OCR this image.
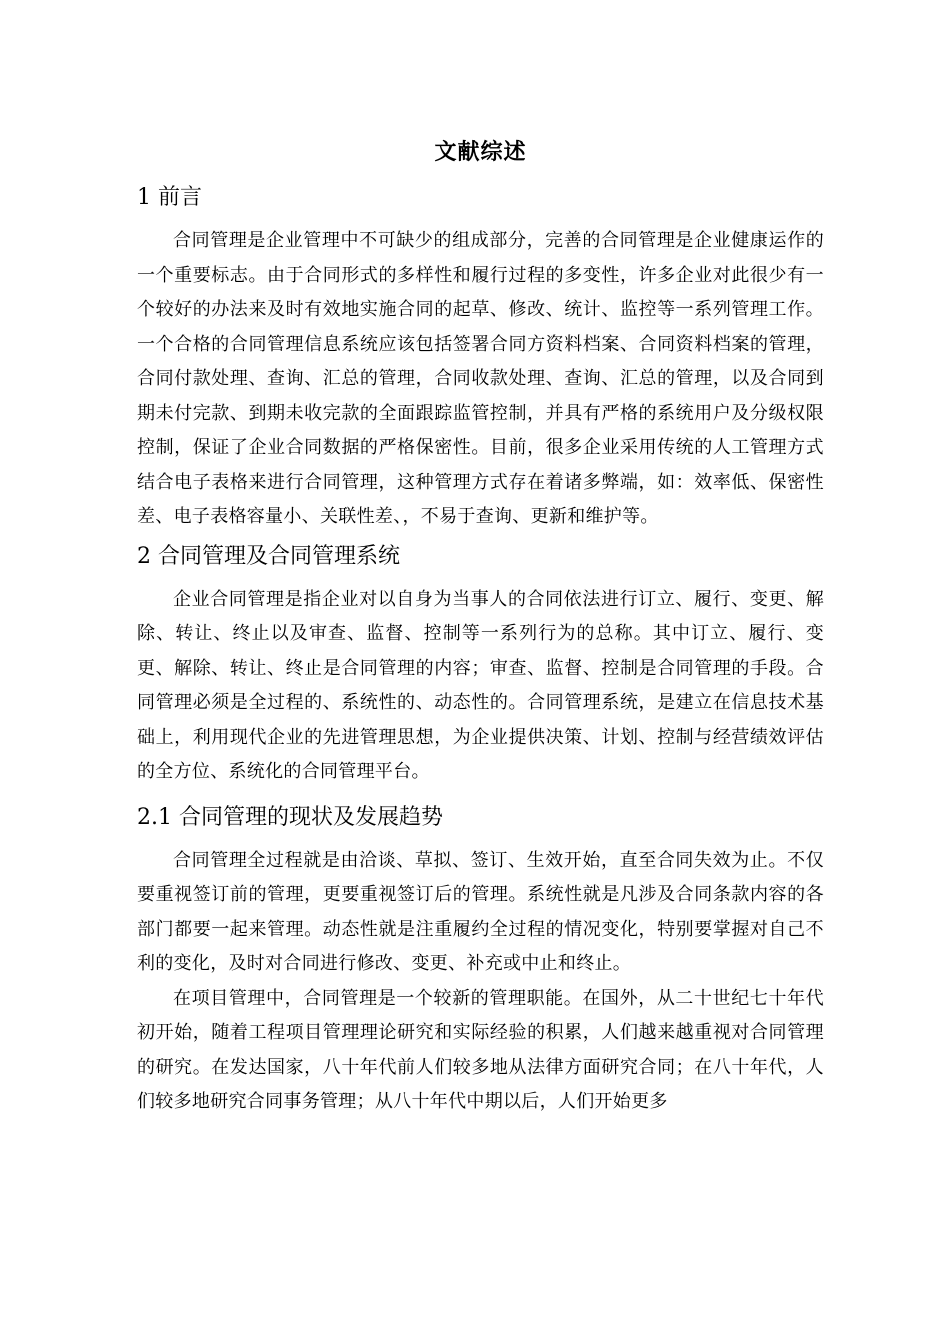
文献综述
1 前言

合同管理是企业管理中不可缺少的组成部分，完善的合同管理是企业健康运作的一个重要标志。由于合同形式的多样性和履行过程的多变性，许多企业对此很少有一个较好的办法来及时有效地实施合同的起草、修改、统计、监控等一系列管理工作。一个合格的合同管理信息系统应该包括签署合同方资料档案、合同资料档案的管理，合同付款处理、查询、汇总的管理，合同收款处理、查询、汇总的管理，以及合同到期未付完款、到期未收完款的全面跟踪监管控制，并具有严格的系统用户及分级权限控制，保证了企业合同数据的严格保密性。目前，很多企业采用传统的人工管理方式结合电子表格来进行合同管理，这种管理方式存在着诸多弊端，如：效率低、保密性差、电子表格容量小、关联性差、，不易于查询、更新和维护等。

2 合同管理及合同管理系统

企业合同管理是指企业对以自身为当事人的合同依法进行订立、履行、变更、解除、转让、终止以及审查、监督、控制等一系列行为的总称。其中订立、履行、变更、解除、转让、终止是合同管理的内容；审查、监督、控制是合同管理的手段。合同管理必须是全过程的、系统性的、动态性的。合同管理系统，是建立在信息技术基础上，利用现代企业的先进管理思想，为企业提供决策、计划、控制与经营绩效评估的全方位、系统化的合同管理平台。

2.1 合同管理的现状及发展趋势

合同管理全过程就是由洽谈、草拟、签订、生效开始，直至合同失效为止。不仅要重视签订前的管理，更要重视签订后的管理。系统性就是凡涉及合同条款内容的各部门都要一起来管理。动态性就是注重履约全过程的情况变化，特别要掌握对自己不利的变化，及时对合同进行修改、变更、补充或中止和终止。

在项目管理中，合同管理是一个较新的管理职能。在国外，从二十世纪七十年代初开始，随着工程项目管理理论研究和实际经验的积累，人们越来越重视对合同管理的研究。在发达国家，八十年代前人们较多地从法律方面研究合同；在八十年代，人们较多地研究合同事务管理；从八十年代中期以后，人们开始更多
